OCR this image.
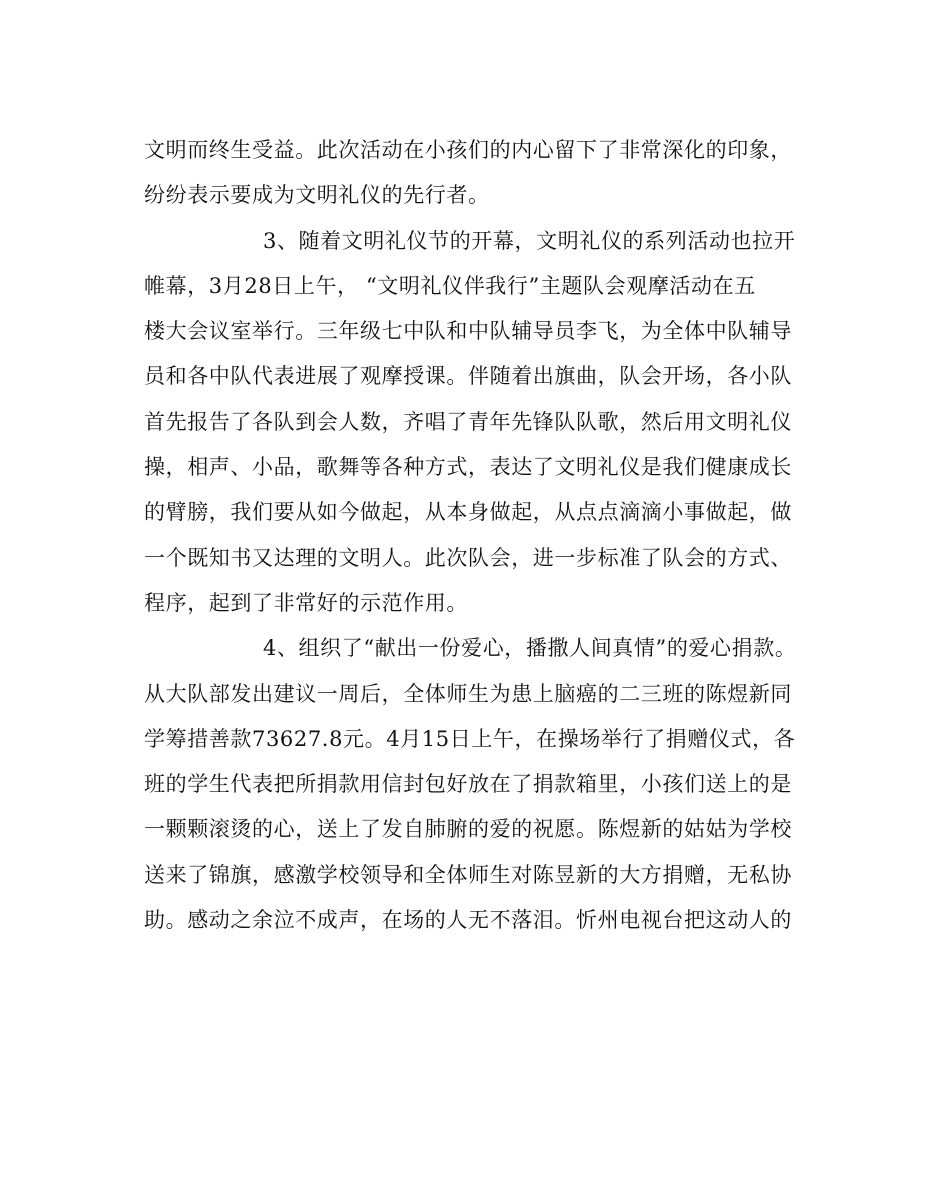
文明而终生受益。此次活动在小孩们的内心留下了非常深化的印象，
纷纷表示要成为文明礼仪的先行者。
3、随着文明礼仪节的开幕，文明礼仪的系列活动也拉开
帷幕，3月28日上午， “文明礼仪伴我行”主题队会观摩活动在五
楼大会议室举行。三年级七中队和中队辅导员李飞，为全体中队辅导
员和各中队代表进展了观摩授课。伴随着出旗曲，队会开场，各小队
首先报告了各队到会人数，齐唱了青年先锋队队歌，然后用文明礼仪
操，相声、小品，歌舞等各种方式，表达了文明礼仪是我们健康成长
的臂膀，我们要从如今做起，从本身做起，从点点滴滴小事做起，做
一个既知书又达理的文明人。此次队会，进一步标准了队会的方式、
程序，起到了非常好的示范作用。
4、组织了“献出一份爱心，播撒人间真情”的爱心捐款。
从大队部发出建议一周后，全体师生为患上脑癌的二三班的陈煜新同
学筹措善款73627.8元。4月15日上午，在操场举行了捐赠仪式，各
班的学生代表把所捐款用信封包好放在了捐款箱里，小孩们送上的是
一颗颗滚烫的心，送上了发自肺腑的爱的祝愿。陈煜新的姑姑为学校
送来了锦旗，感激学校领导和全体师生对陈昱新的大方捐赠，无私协
助。感动之余泣不成声，在场的人无不落泪。忻州电视台把这动人的
